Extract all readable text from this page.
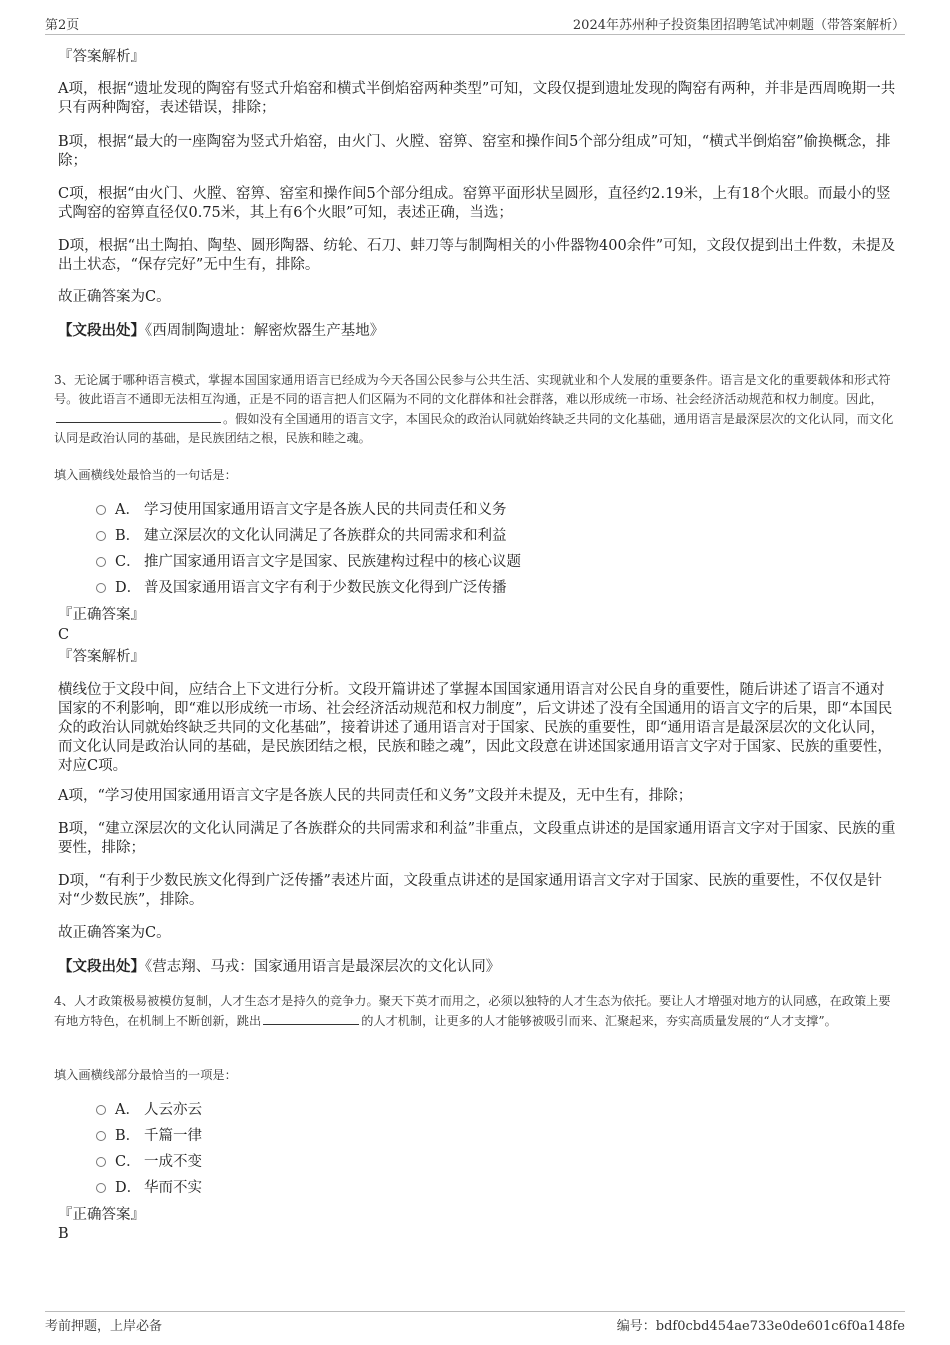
第2页	2024年苏州种子投资集团招聘笔试冲刺题（带答案解析）

『答案解析』

A项，根据“遗址发现的陶窑有竖式升焰窑和横式半倒焰窑两种类型”可知，文段仅提到遗址发现的陶窑有两种，并非是西周晚期一共只有两种陶窑，表述错误，排除；

B项，根据“最大的一座陶窑为竖式升焰窑，由火门、火膛、窑箅、窑室和操作间5个部分组成”可知，“横式半倒焰窑”偷换概念，排除；

C项，根据“由火门、火膛、窑箅、窑室和操作间5个部分组成。窑箅平面形状呈圆形，直径约2.19米，上有18个火眼。而最小的竖式陶窑的窑箅直径仅0.75米，其上有6个火眼”可知，表述正确，当选；

D项，根据“出土陶拍、陶垫、圆形陶器、纺轮、石刀、蚌刀等与制陶相关的小件器物400余件”可知，文段仅提到出土件数，未提及出土状态，“保存完好”无中生有，排除。

故正确答案为C。

【文段出处】《西周制陶遗址：解密炊器生产基地》

3、无论属于哪种语言模式，掌握本国国家通用语言已经成为今天各国公民参与公共生活、实现就业和个人发展的重要条件。语言是文化的重要载体和形式符号。彼此语言不通即无法相互沟通，正是不同的语言把人们区隔为不同的文化群体和社会群落，难以形成统一市场、社会经济活动规范和权力制度。因此，。假如没有全国通用的语言文字，本国民众的政治认同就始终缺乏共同的文化基础，通用语言是最深层次的文化认同，而文化认同是政治认同的基础，是民族团结之根，民族和睦之魂。

填入画横线处最恰当的一句话是：

A． 学习使用国家通用语言文字是各族人民的共同责任和义务
B． 建立深层次的文化认同满足了各族群众的共同需求和利益
C． 推广国家通用语言文字是国家、民族建构过程中的核心议题
D． 普及国家通用语言文字有利于少数民族文化得到广泛传播

『正确答案』

C

『答案解析』

横线位于文段中间，应结合上下文进行分析。文段开篇讲述了掌握本国国家通用语言对公民自身的重要性，随后讲述了语言不通对国家的不利影响，即“难以形成统一市场、社会经济活动规范和权力制度”，后文讲述了没有全国通用的语言文字的后果，即“本国民众的政治认同就始终缺乏共同的文化基础”，接着讲述了通用语言对于国家、民族的重要性，即“通用语言是最深层次的文化认同，而文化认同是政治认同的基础，是民族团结之根，民族和睦之魂”，因此文段意在讲述国家通用语言文字对于国家、民族的重要性，对应C项。

A项，“学习使用国家通用语言文字是各族人民的共同责任和义务”文段并未提及，无中生有，排除；

B项，“建立深层次的文化认同满足了各族群众的共同需求和利益”非重点，文段重点讲述的是国家通用语言文字对于国家、民族的重要性，排除；

D项，“有利于少数民族文化得到广泛传播”表述片面，文段重点讲述的是国家通用语言文字对于国家、民族的重要性，不仅仅是针对“少数民族”，排除。

故正确答案为C。

【文段出处】《营志翔、马戎：国家通用语言是最深层次的文化认同》

4、人才政策极易被模仿复制，人才生态才是持久的竞争力。聚天下英才而用之，必须以独特的人才生态为依托。要让人才增强对地方的认同感，在政策上要有地方特色，在机制上不断创新，跳出	的人才机制，让更多的人才能够被吸引而来、汇聚起来，夯实高质量发展的“人才支撑”。

填入画横线部分最恰当的一项是：

A． 人云亦云
B． 千篇一律
C． 一成不变
D． 华而不实

『正确答案』

B

考前押题，上岸必备	编号：bdf0cbd454ae733e0de601c6f0a148fe
